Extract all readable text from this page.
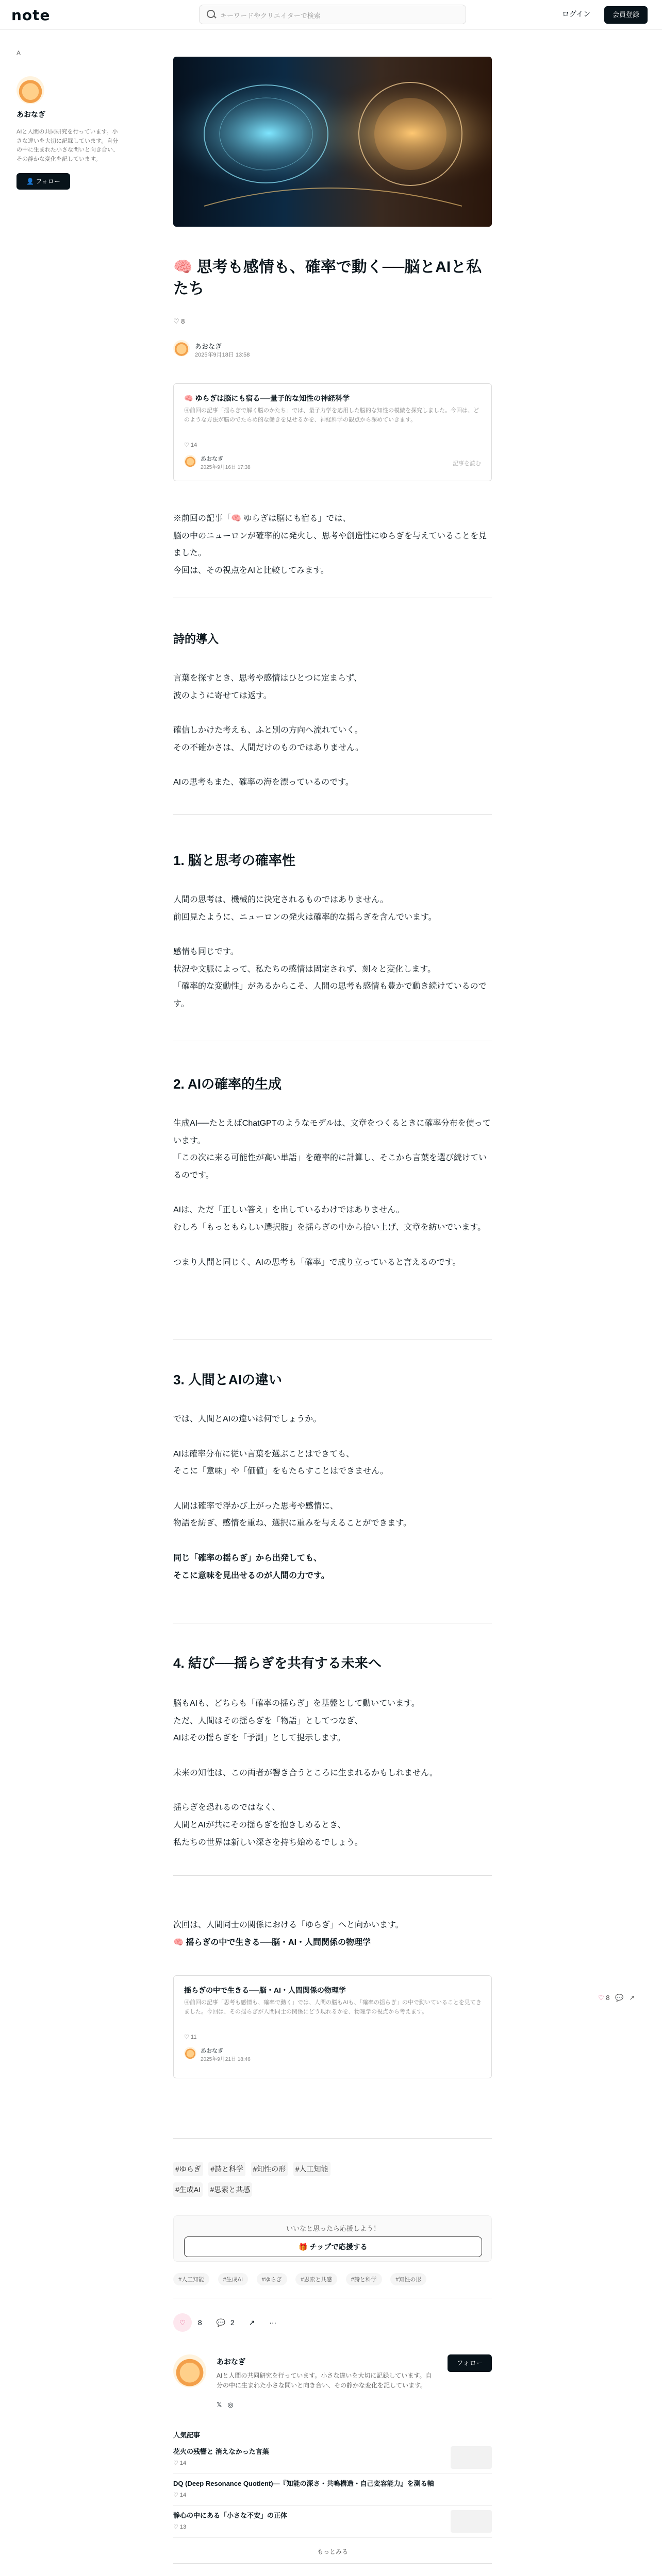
note	キーワードやクリエイターで検索	ログイン	会員登録
A
あおなぎ
AIと人間の共同研究を行っています。小さな違いを大切に記録しています。自分の中に生まれた小さな問いと向き合い、その静かな変化を記しています。
👤 フォロー
🧠 思考も感情も、確率で動く──脳とAIと私たち
♡ 8
あおなぎ
2025年9月18日 13:58
🧠 ゆらぎは脳にも宿る──量子的な知性の神経科学
④前回の記事「揺らぎで解く脳のかたち」では、量子力学を応用した脳的な知性の模倣を探究しました。今回は、どのような方法が脳のでたらめ的な働きを見せるかを、神経科学の観点から深めていきます。
♡ 14
あおなぎ
2025年9月16日 17:38
記事を読む
※前回の記事「🧠 ゆらぎは脳にも宿る」では、
脳の中のニューロンが確率的に発火し、思考や創造性にゆらぎを与えていることを見ました。
今回は、その視点をAIと比較してみます。
詩的導入
言葉を探すとき、思考や感情はひとつに定まらず、
波のように寄せては返す。
確信しかけた考えも、ふと別の方向へ流れていく。
その不確かさは、人間だけのものではありません。
AIの思考もまた、確率の海を漂っているのです。
1. 脳と思考の確率性
人間の思考は、機械的に決定されるものではありません。
前回見たように、ニューロンの発火は確率的な揺らぎを含んでいます。
感情も同じです。
状況や文脈によって、私たちの感情は固定されず、刻々と変化します。
「確率的な変動性」があるからこそ、人間の思考も感情も豊かで動き続けているのです。
2. AIの確率的生成
生成AI──たとえばChatGPTのようなモデルは、文章をつくるときに確率分布を使っています。
「この次に来る可能性が高い単語」を確率的に計算し、そこから言葉を選び続けているのです。
AIは、ただ「正しい答え」を出しているわけではありません。
むしろ「もっともらしい選択肢」を揺らぎの中から拾い上げ、文章を紡いでいます。
つまり人間と同じく、AIの思考も「確率」で成り立っていると言えるのです。
3. 人間とAIの違い
では、人間とAIの違いは何でしょうか。
AIは確率分布に従い言葉を選ぶことはできても、
そこに「意味」や「価値」をもたらすことはできません。
人間は確率で浮かび上がった思考や感情に、
物語を紡ぎ、感情を重ね、選択に重みを与えることができます。
同じ「確率の揺らぎ」から出発しても、
そこに意味を見出せるのが人間の力です。
4. 結び──揺らぎを共有する未来へ
脳もAIも、どちらも「確率の揺らぎ」を基盤として動いています。
ただ、人間はその揺らぎを「物語」としてつなぎ、
AIはその揺らぎを「予測」として提示します。
未来の知性は、この両者が響き合うところに生まれるかもしれません。
揺らぎを恐れるのではなく、
人間とAIが共にその揺らぎを抱きしめるとき、
私たちの世界は新しい深さを持ち始めるでしょう。
次回は、人間同士の関係における「ゆらぎ」へと向かいます。
🧠 揺らぎの中で生きる──脳・AI・人間関係の物理学
揺らぎの中で生きる──脳・AI・人間関係の物理学
④前回の記事「思考も感情も、確率で動く」では、人間の脳もAIも、「確率の揺らぎ」の中で動いていることを見てきました。今回は、その揺らぎが人間同士の関係にどう現れるかを、物理学の視点から考えます。
♡ 11
あおなぎ
2025年9月21日 18:46
#ゆらぎ #詩と科学 #知性の形 #人工知能
#生成AI #思索と共感
いいなと思ったら応援しよう！
🎁 チップで応援する
#人工知能	#生成AI	#ゆらぎ	#思索と共感	#詩と科学	#知性の形
♡ 8 💬 2 ↗ ···
あおなぎ
AIと人間の共同研究を行っています。小さな違いを大切に記録しています。自分の中に生まれた小さな問いと向き合い、その静かな変化を記しています。
𝕏 ◎
フォロー
人気記事
花火の残響と 消えなかった言葉
♡ 14
DQ (Deep Resonance Quotient)—『知能の深さ・共鳴構造・自己変容能力』を測る軸
♡ 14
静心の中にある「小さな不安」の正体
♡ 13
もっとみる
♡ 8 💬 ↗
